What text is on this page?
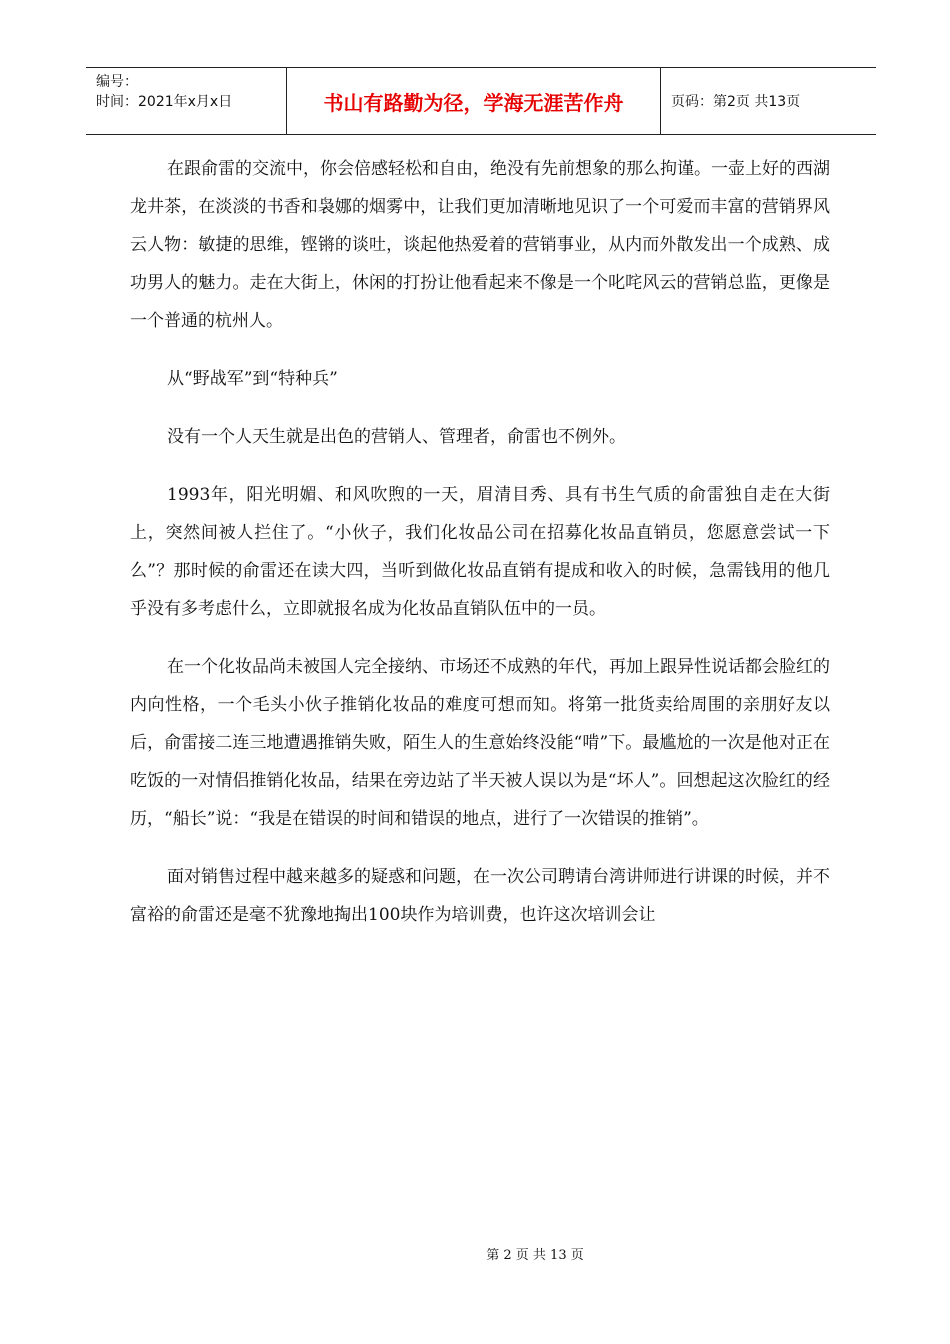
编号：
时间：2021年x月x日	书山有路勤为径，学海无涯苦作舟	页码：第2页 共13页

在跟俞雷的交流中，你会倍感轻松和自由，绝没有先前想象的那么拘谨。一壶上好的西湖龙井茶，在淡淡的书香和袅娜的烟雾中，让我们更加清晰地见识了一个可爱而丰富的营销界风云人物：敏捷的思维，铿锵的谈吐，谈起他热爱着的营销事业，从内而外散发出一个成熟、成功男人的魅力。走在大街上，休闲的打扮让他看起来不像是一个叱咤风云的营销总监，更像是一个普通的杭州人。

从“野战军”到“特种兵”

没有一个人天生就是出色的营销人、管理者，俞雷也不例外。

1993年，阳光明媚、和风吹煦的一天，眉清目秀、具有书生气质的俞雷独自走在大街上，突然间被人拦住了。“小伙子，我们化妆品公司在招募化妆品直销员，您愿意尝试一下么”？那时候的俞雷还在读大四，当听到做化妆品直销有提成和收入的时候，急需钱用的他几乎没有多考虑什么，立即就报名成为化妆品直销队伍中的一员。

在一个化妆品尚未被国人完全接纳、市场还不成熟的年代，再加上跟异性说话都会脸红的内向性格，一个毛头小伙子推销化妆品的难度可想而知。将第一批货卖给周围的亲朋好友以后，俞雷接二连三地遭遇推销失败，陌生人的生意始终没能“啃”下。最尴尬的一次是他对正在吃饭的一对情侣推销化妆品，结果在旁边站了半天被人误以为是“坏人”。回想起这次脸红的经历，“船长”说：“我是在错误的时间和错误的地点，进行了一次错误的推销”。

面对销售过程中越来越多的疑惑和问题，在一次公司聘请台湾讲师进行讲课的时候，并不富裕的俞雷还是毫不犹豫地掏出100块作为培训费，也许这次培训会让

第 2 页 共 13 页
